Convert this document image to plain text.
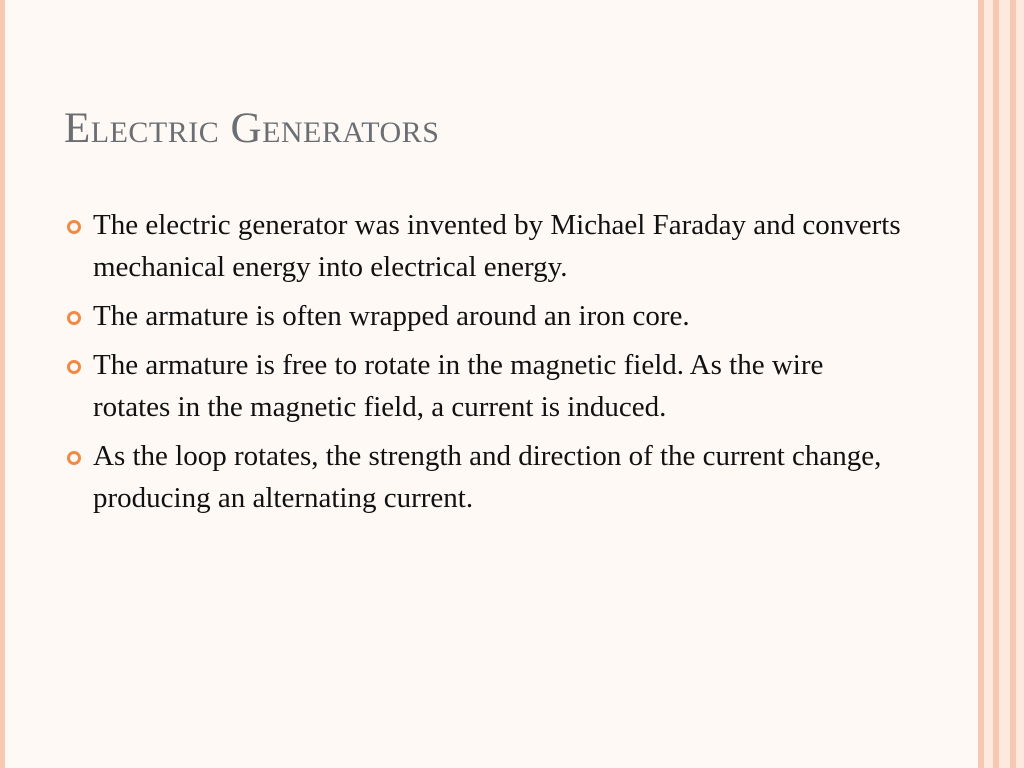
Electric Generators
The electric generator was invented by Michael Faraday and converts mechanical energy into electrical energy.
The armature is often wrapped around an iron core.
The armature is free to rotate in the magnetic field. As the wire rotates in the magnetic field, a current is induced.
As the loop rotates, the strength and direction of the current change, producing an alternating current.
